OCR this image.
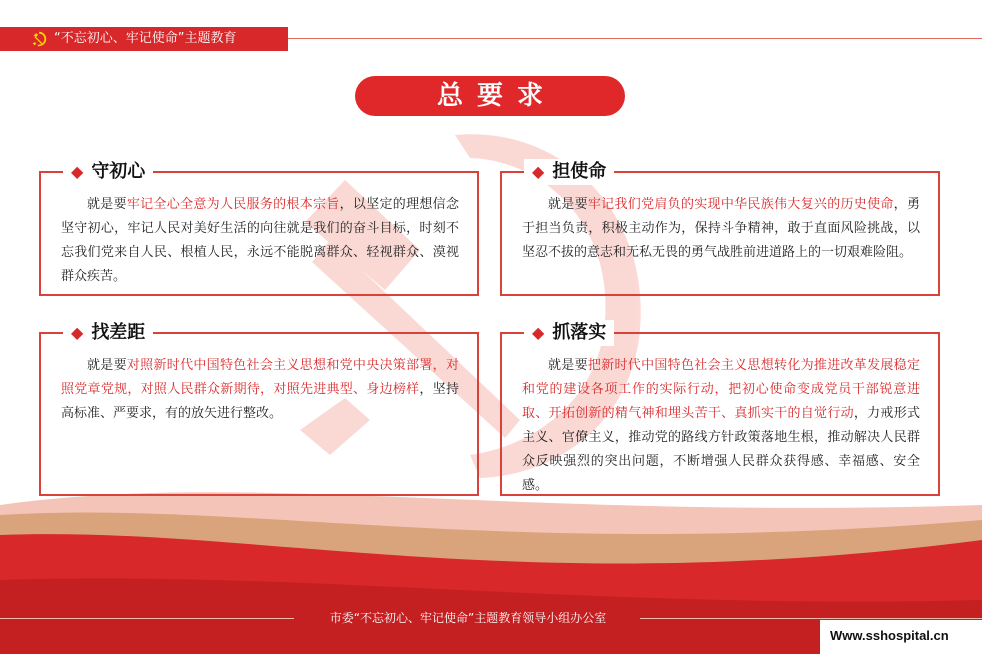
“不忘初心、牢记使命”主题教育
总要求
◆ 守初心
就是要牢记全心全意为人民服务的根本宗旨，以坚定的理想信念坚守初心，牢记人民对美好生活的向往就是我们的奋斗目标，时刻不忘我们党来自人民、根植人民，永远不能脱离群众、轻视群众、漠视群众疾苦。
◆ 担使命
就是要牢记我们党肩负的实现中华民族伟大复兴的历史使命，勇于担当负责，积极主动作为，保持斗争精神，敢于直面风险挑战，以坚忍不拔的意志和无私无畏的勇气战胜前进道路上的一切艰难险阻。
◆ 找差距
就是要对照新时代中国特色社会主义思想和党中央决策部署，对照党章党规，对照人民群众新期待，对照先进典型、身边榜样，坚持高标准、严要求，有的放矢进行整改。
◆ 抓落实
就是要把新时代中国特色社会主义思想转化为推进改革发展稳定和党的建设各项工作的实际行动，把初心使命变成党员干部锐意进取、开拓创新的精气神和埋头苦干、真抓实干的自觉行动，力戒形式主义、官僚主义，推动党的路线方针政策落地生根，推动解决人民群众反映强烈的突出问题，不断增强人民群众获得感、幸福感、安全感。
市委“不忘初心、牢记使命”主题教育领导小组办公室
Www.sshospital.cn
